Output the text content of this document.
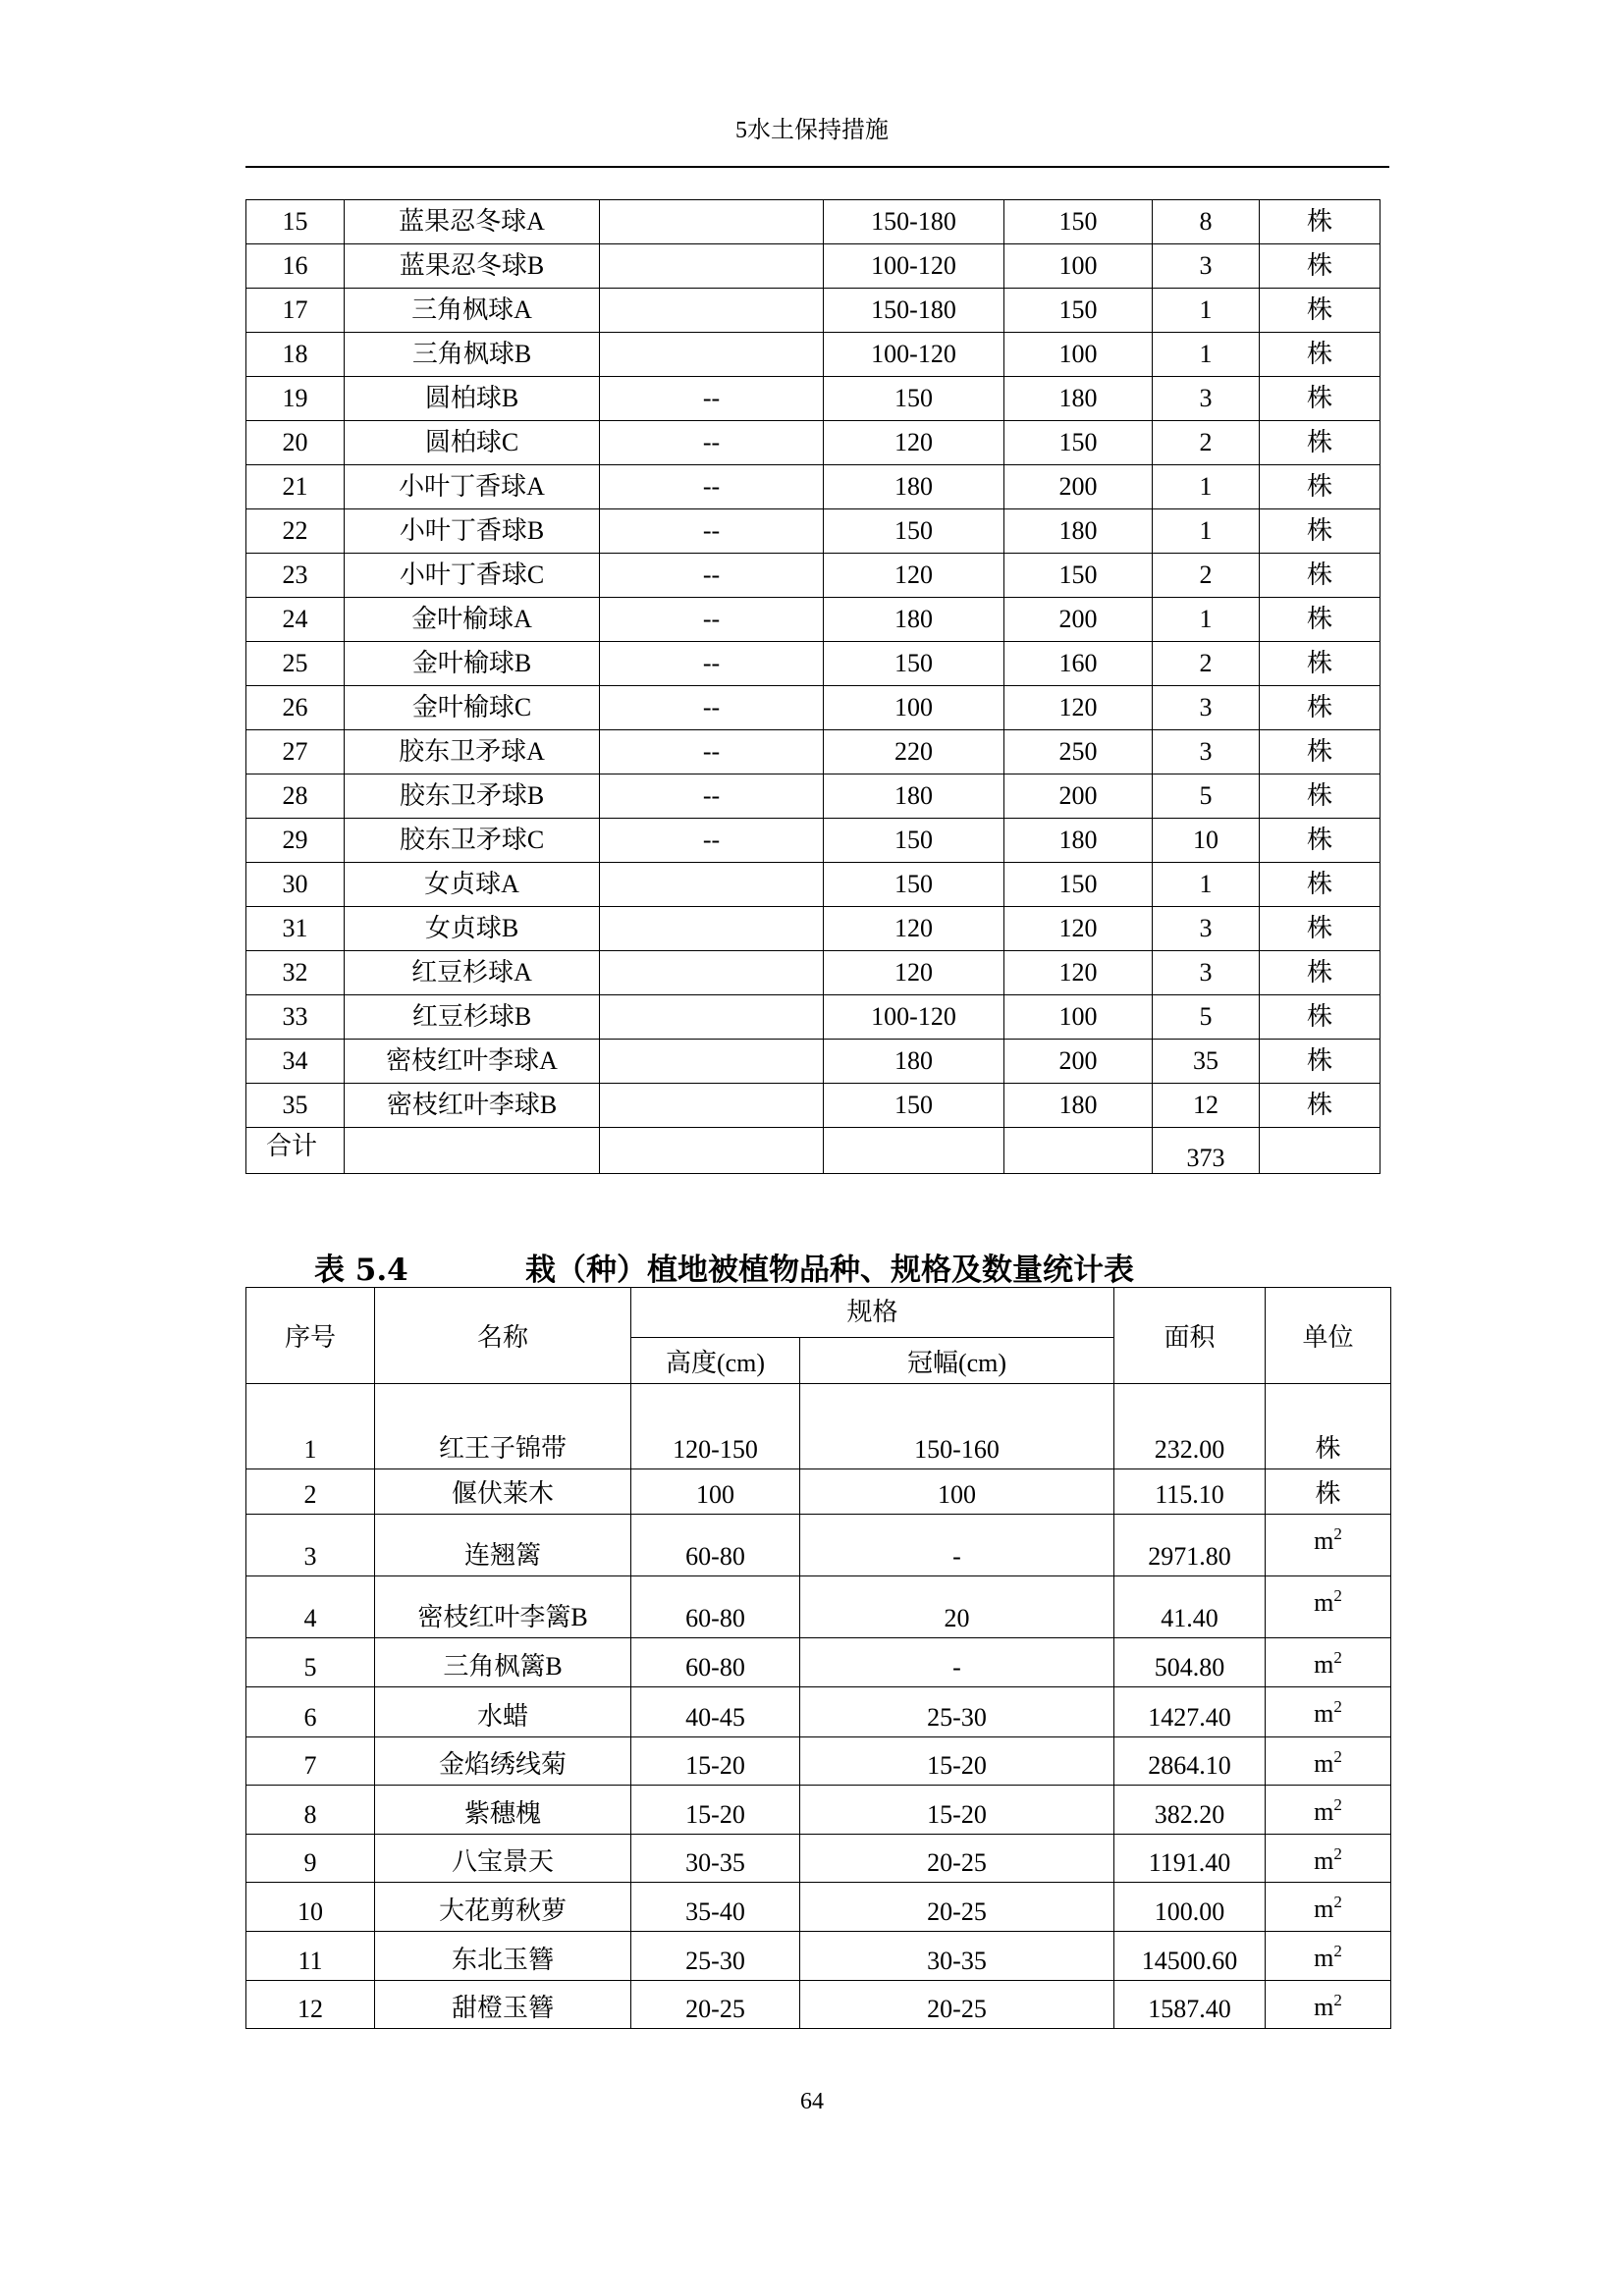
5水土保持措施
15	蓝果忍冬球A		150-180	150	8	株
16	蓝果忍冬球B		100-120	100	3	株
17	三角枫球A		150-180	150	1	株
18	三角枫球B		100-120	100	1	株
19	圆柏球B	--	150	180	3	株
20	圆柏球C	--	120	150	2	株
21	小叶丁香球A	--	180	200	1	株
22	小叶丁香球B	--	150	180	1	株
23	小叶丁香球C	--	120	150	2	株
24	金叶榆球A	--	180	200	1	株
25	金叶榆球B	--	150	160	2	株
26	金叶榆球C	--	100	120	3	株
27	胶东卫矛球A	--	220	250	3	株
28	胶东卫矛球B	--	180	200	5	株
29	胶东卫矛球C	--	150	180	10	株
30	女贞球A		150	150	1	株
31	女贞球B		120	120	3	株
32	红豆杉球A		120	120	3	株
33	红豆杉球B		100-120	100	5	株
34	密枝红叶李球A		180	200	35	株
35	密枝红叶李球B		150	180	12	株
合计					373	
表 5.4	栽（种）植地被植物品种、规格及数量统计表
序号	名称	规格		面积	单位
		高度(cm)	冠幅(cm)		
1	红王子锦带	120-150	150-160	232.00	株
2	偃伏莱木	100	100	115.10	株
3	连翘篱	60-80	-	2971.80	$m^2$
4	密枝红叶李篱B	60-80	20	41.40	$m^2$
5	三角枫篱B	60-80	-	504.80	$m^2$
6	水蜡	40-45	25-30	1427.40	$m^2$
7	金焰绣线菊	15-20	15-20	2864.10	$m^2$
8	紫穗槐	15-20	15-20	382.20	$m^2$
9	八宝景天	30-35	20-25	1191.40	$m^2$
10	大花剪秋萝	35-40	20-25	100.00	$m^2$
11	东北玉簪	25-30	30-35	14500.60	$m^2$
12	甜橙玉簪	20-25	20-25	1587.40	$m^2$
64
